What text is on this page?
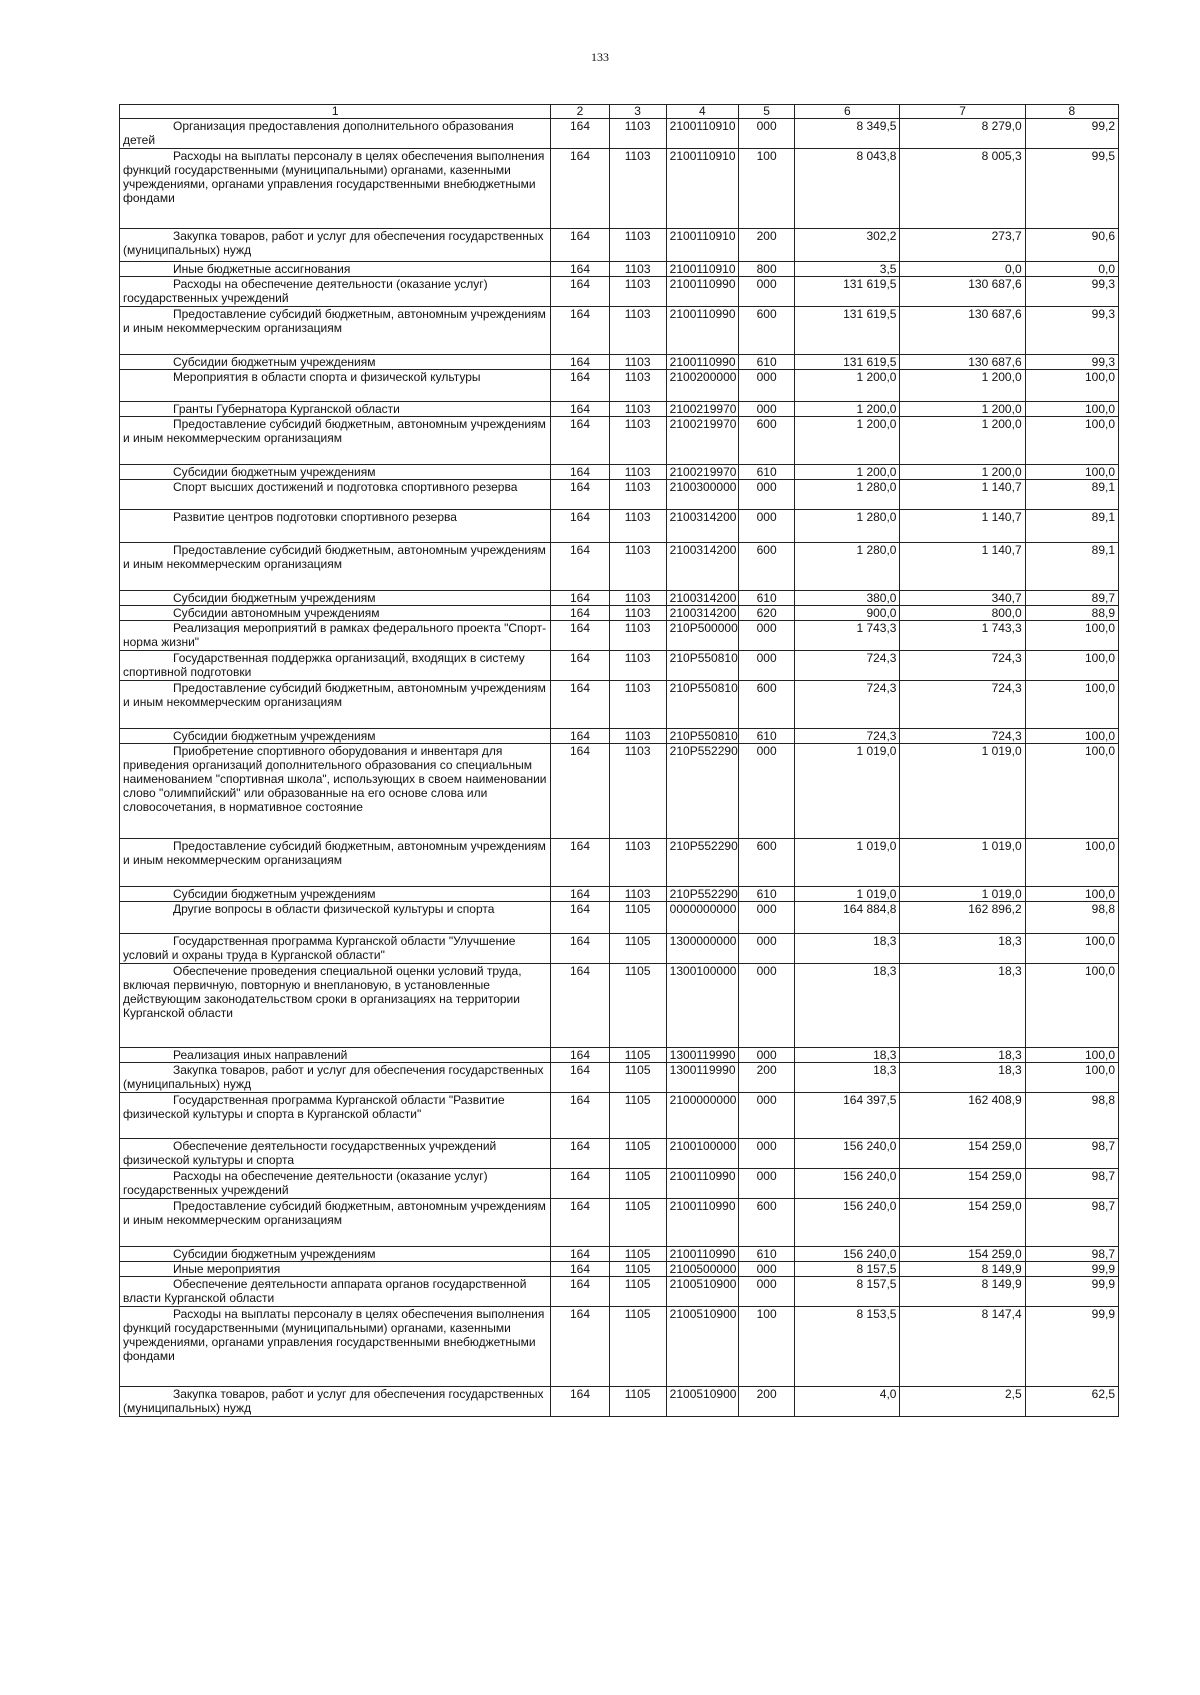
133
1	2	3	4	5	6	7	8

Организация предоставления дополнительного образования детей	164	1103	2100110910	000	8 349,5	8 279,0	99,2

Расходы на выплаты персоналу в целях обеспечения выполнения функций государственными (муниципальными) органами, казенными учреждениями, органами управления государственными внебюджетными фондами	164	1103	2100110910	100	8 043,8	8 005,3	99,5

Закупка товаров, работ и услуг для обеспечения государственных (муниципальных) нужд	164	1103	2100110910	200	302,2	273,7	90,6

Иные бюджетные ассигнования	164	1103	2100110910	800	3,5	0,0	0,0

Расходы на обеспечение деятельности (оказание услуг) государственных учреждений	164	1103	2100110990	000	131 619,5	130 687,6	99,3

Предоставление субсидий бюджетным, автономным учреждениям и иным некоммерческим организациям	164	1103	2100110990	600	131 619,5	130 687,6	99,3

Субсидии бюджетным учреждениям	164	1103	2100110990	610	131 619,5	130 687,6	99,3

Мероприятия в области спорта и физической культуры	164	1103	2100200000	000	1 200,0	1 200,0	100,0

Гранты Губернатора Курганской области	164	1103	2100219970	000	1 200,0	1 200,0	100,0

Предоставление субсидий бюджетным, автономным учреждениям и иным некоммерческим организациям	164	1103	2100219970	600	1 200,0	1 200,0	100,0

Субсидии бюджетным учреждениям	164	1103	2100219970	610	1 200,0	1 200,0	100,0

Спорт высших достижений и подготовка спортивного резерва	164	1103	2100300000	000	1 280,0	1 140,7	89,1

Развитие центров подготовки спортивного резерва	164	1103	2100314200	000	1 280,0	1 140,7	89,1

Предоставление субсидий бюджетным, автономным учреждениям и иным некоммерческим организациям	164	1103	2100314200	600	1 280,0	1 140,7	89,1

Субсидии бюджетным учреждениям	164	1103	2100314200	610	380,0	340,7	89,7

Субсидии автономным учреждениям	164	1103	2100314200	620	900,0	800,0	88,9

Реализация мероприятий в рамках федерального проекта "Спорт-норма жизни"	164	1103	210P500000	000	1 743,3	1 743,3	100,0

Государственная поддержка организаций, входящих в систему спортивной подготовки	164	1103	210P550810	000	724,3	724,3	100,0

Предоставление субсидий бюджетным, автономным учреждениям и иным некоммерческим организациям	164	1103	210P550810	600	724,3	724,3	100,0

Субсидии бюджетным учреждениям	164	1103	210P550810	610	724,3	724,3	100,0

Приобретение спортивного оборудования и инвентаря для приведения организаций дополнительного образования со специальным наименованием "спортивная школа", использующих в своем наименовании слово "олимпийский" или образованные на его основе слова или словосочетания, в нормативное состояние	164	1103	210P552290	000	1 019,0	1 019,0	100,0

Предоставление субсидий бюджетным, автономным учреждениям и иным некоммерческим организациям	164	1103	210P552290	600	1 019,0	1 019,0	100,0

Субсидии бюджетным учреждениям	164	1103	210P552290	610	1 019,0	1 019,0	100,0

Другие вопросы в области физической культуры и спорта	164	1105	0000000000	000	164 884,8	162 896,2	98,8

Государственная программа Курганской области "Улучшение условий и охраны труда в Курганской области"	164	1105	1300000000	000	18,3	18,3	100,0

Обеспечение проведения специальной оценки условий труда, включая первичную, повторную и внеплановую, в установленные действующим законодательством сроки в организациях на территории Курганской области	164	1105	1300100000	000	18,3	18,3	100,0

Реализация иных направлений	164	1105	1300119990	000	18,3	18,3	100,0

Закупка товаров, работ и услуг для обеспечения государственных (муниципальных) нужд	164	1105	1300119990	200	18,3	18,3	100,0

Государственная программа Курганской области "Развитие физической культуры и спорта в Курганской области"	164	1105	2100000000	000	164 397,5	162 408,9	98,8

Обеспечение деятельности государственных учреждений физической культуры и спорта	164	1105	2100100000	000	156 240,0	154 259,0	98,7

Расходы на обеспечение деятельности (оказание услуг) государственных учреждений	164	1105	2100110990	000	156 240,0	154 259,0	98,7

Предоставление субсидий бюджетным, автономным учреждениям и иным некоммерческим организациям	164	1105	2100110990	600	156 240,0	154 259,0	98,7

Субсидии бюджетным учреждениям	164	1105	2100110990	610	156 240,0	154 259,0	98,7

Иные мероприятия	164	1105	2100500000	000	8 157,5	8 149,9	99,9

Обеспечение деятельности аппарата органов государственной власти Курганской области	164	1105	2100510900	000	8 157,5	8 149,9	99,9

Расходы на выплаты персоналу в целях обеспечения выполнения функций государственными (муниципальными) органами, казенными учреждениями, органами управления государственными внебюджетными фондами	164	1105	2100510900	100	8 153,5	8 147,4	99,9

Закупка товаров, работ и услуг для обеспечения государственных (муниципальных) нужд	164	1105	2100510900	200	4,0	2,5	62,5
